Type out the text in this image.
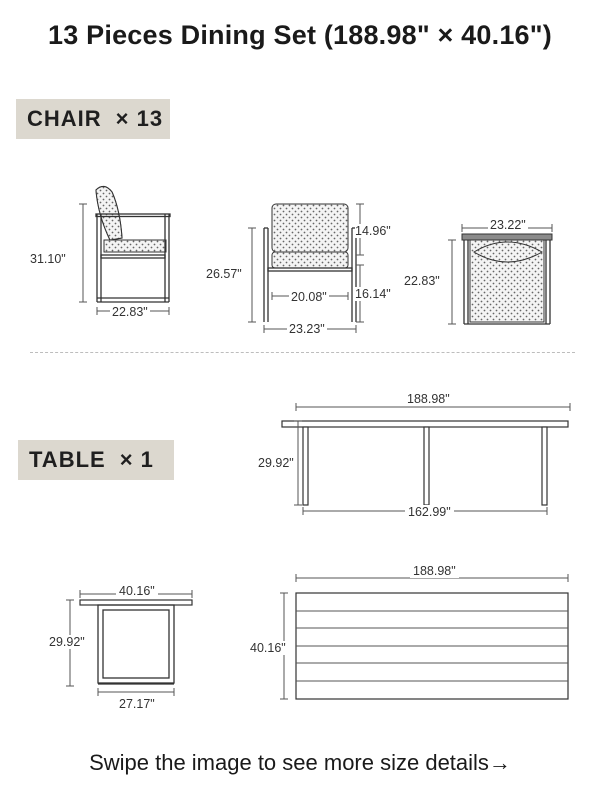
13 Pieces Dining Set (188.98" × 40.16")
CHAIR × 13
TABLE × 1
31.10"
22.83"
26.57"
14.96"
16.14"
20.08"
23.23"
23.22"
22.83"
188.98"
29.92"
162.99"
40.16"
29.92"
27.17"
188.98"
40.16"
Swipe the image to see more size details→
